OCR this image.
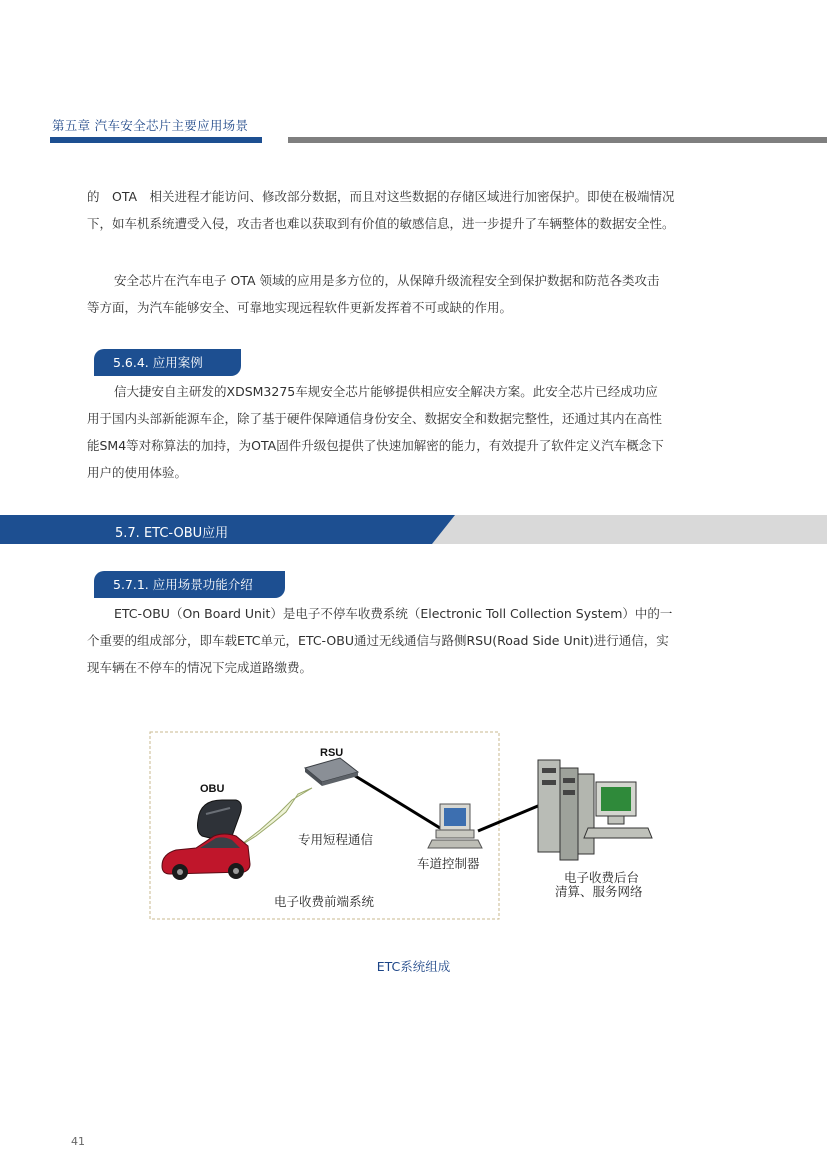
第五章 汽车安全芯片主要应用场景
的　OTA　相关进程才能访问、修改部分数据，而且对这些数据的存储区域进行加密保护。即使在极端情况
下，如车机系统遭受入侵，攻击者也难以获取到有价值的敏感信息，进一步提升了车辆整体的数据安全性。
安全芯片在汽车电子 OTA 领域的应用是多方位的，从保障升级流程安全到保护数据和防范各类攻击
等方面，为汽车能够安全、可靠地实现远程软件更新发挥着不可或缺的作用。
5.6.4. 应用案例
信大捷安自主研发的XDSM3275车规安全芯片能够提供相应安全解决方案。此安全芯片已经成功应
用于国内头部新能源车企，除了基于硬件保障通信身份安全、数据安全和数据完整性，还通过其内在高性
能SM4等对称算法的加持，为OTA固件升级包提供了快速加解密的能力，有效提升了软件定义汽车概念下
用户的使用体验。
5.7. ETC-OBU应用
5.7.1. 应用场景功能介绍
ETC-OBU（On Board Unit）是电子不停车收费系统（Electronic Toll Collection System）中的一
个重要的组成部分，即车载ETC单元，ETC-OBU通过无线通信与路侧RSU(Road Side Unit)进行通信，实
现车辆在不停车的情况下完成道路缴费。
RSU
OBU
专用短程通信
车道控制器
电子收费前端系统
电子收费后台
清算、服务网络
ETC系统组成
41
